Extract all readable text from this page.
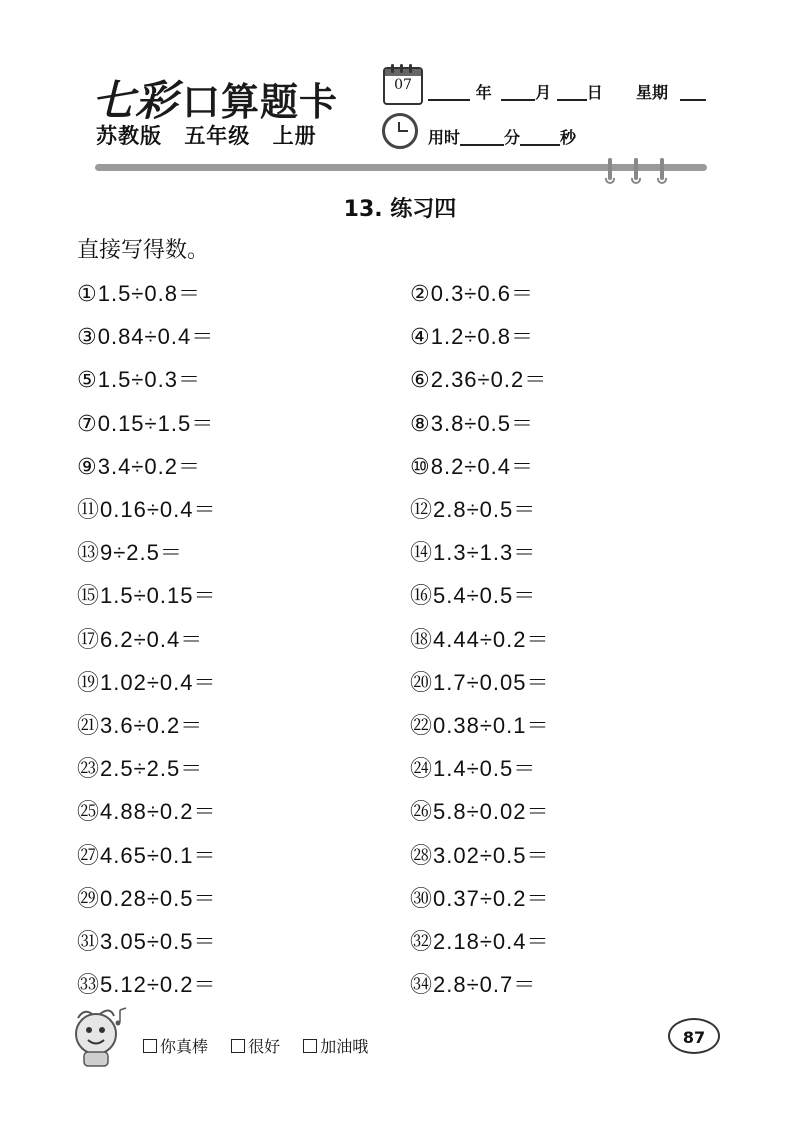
七彩 口算题卡
苏教版 五年级 上册
07	年	月 日 星期
用时	分	秒
13. 练习四
直接写得数。
①1.5÷0.8＝	②0.3÷0.6＝
③0.84÷0.4＝	④1.2÷0.8＝
⑤1.5÷0.3＝	⑥2.36÷0.2＝
⑦0.15÷1.5＝	⑧3.8÷0.5＝
⑨3.4÷0.2＝	⑩8.2÷0.4＝
⑪0.16÷0.4＝	⑫2.8÷0.5＝
⑬9÷2.5＝	⑭1.3÷1.3＝
⑮1.5÷0.15＝	⑯5.4÷0.5＝
⑰6.2÷0.4＝	⑱4.44÷0.2＝
⑲1.02÷0.4＝	⑳1.7÷0.05＝
㉑3.6÷0.2＝	㉒0.38÷0.1＝
㉓2.5÷2.5＝	㉔1.4÷0.5＝
㉕4.88÷0.2＝	㉖5.8÷0.02＝
㉗4.65÷0.1＝	㉘3.02÷0.5＝
㉙0.28÷0.5＝	㉚0.37÷0.2＝
㉛3.05÷0.5＝	㉜2.18÷0.4＝
㉝5.12÷0.2＝	㉞2.8÷0.7＝
你真棒	很好	加油哦	87
